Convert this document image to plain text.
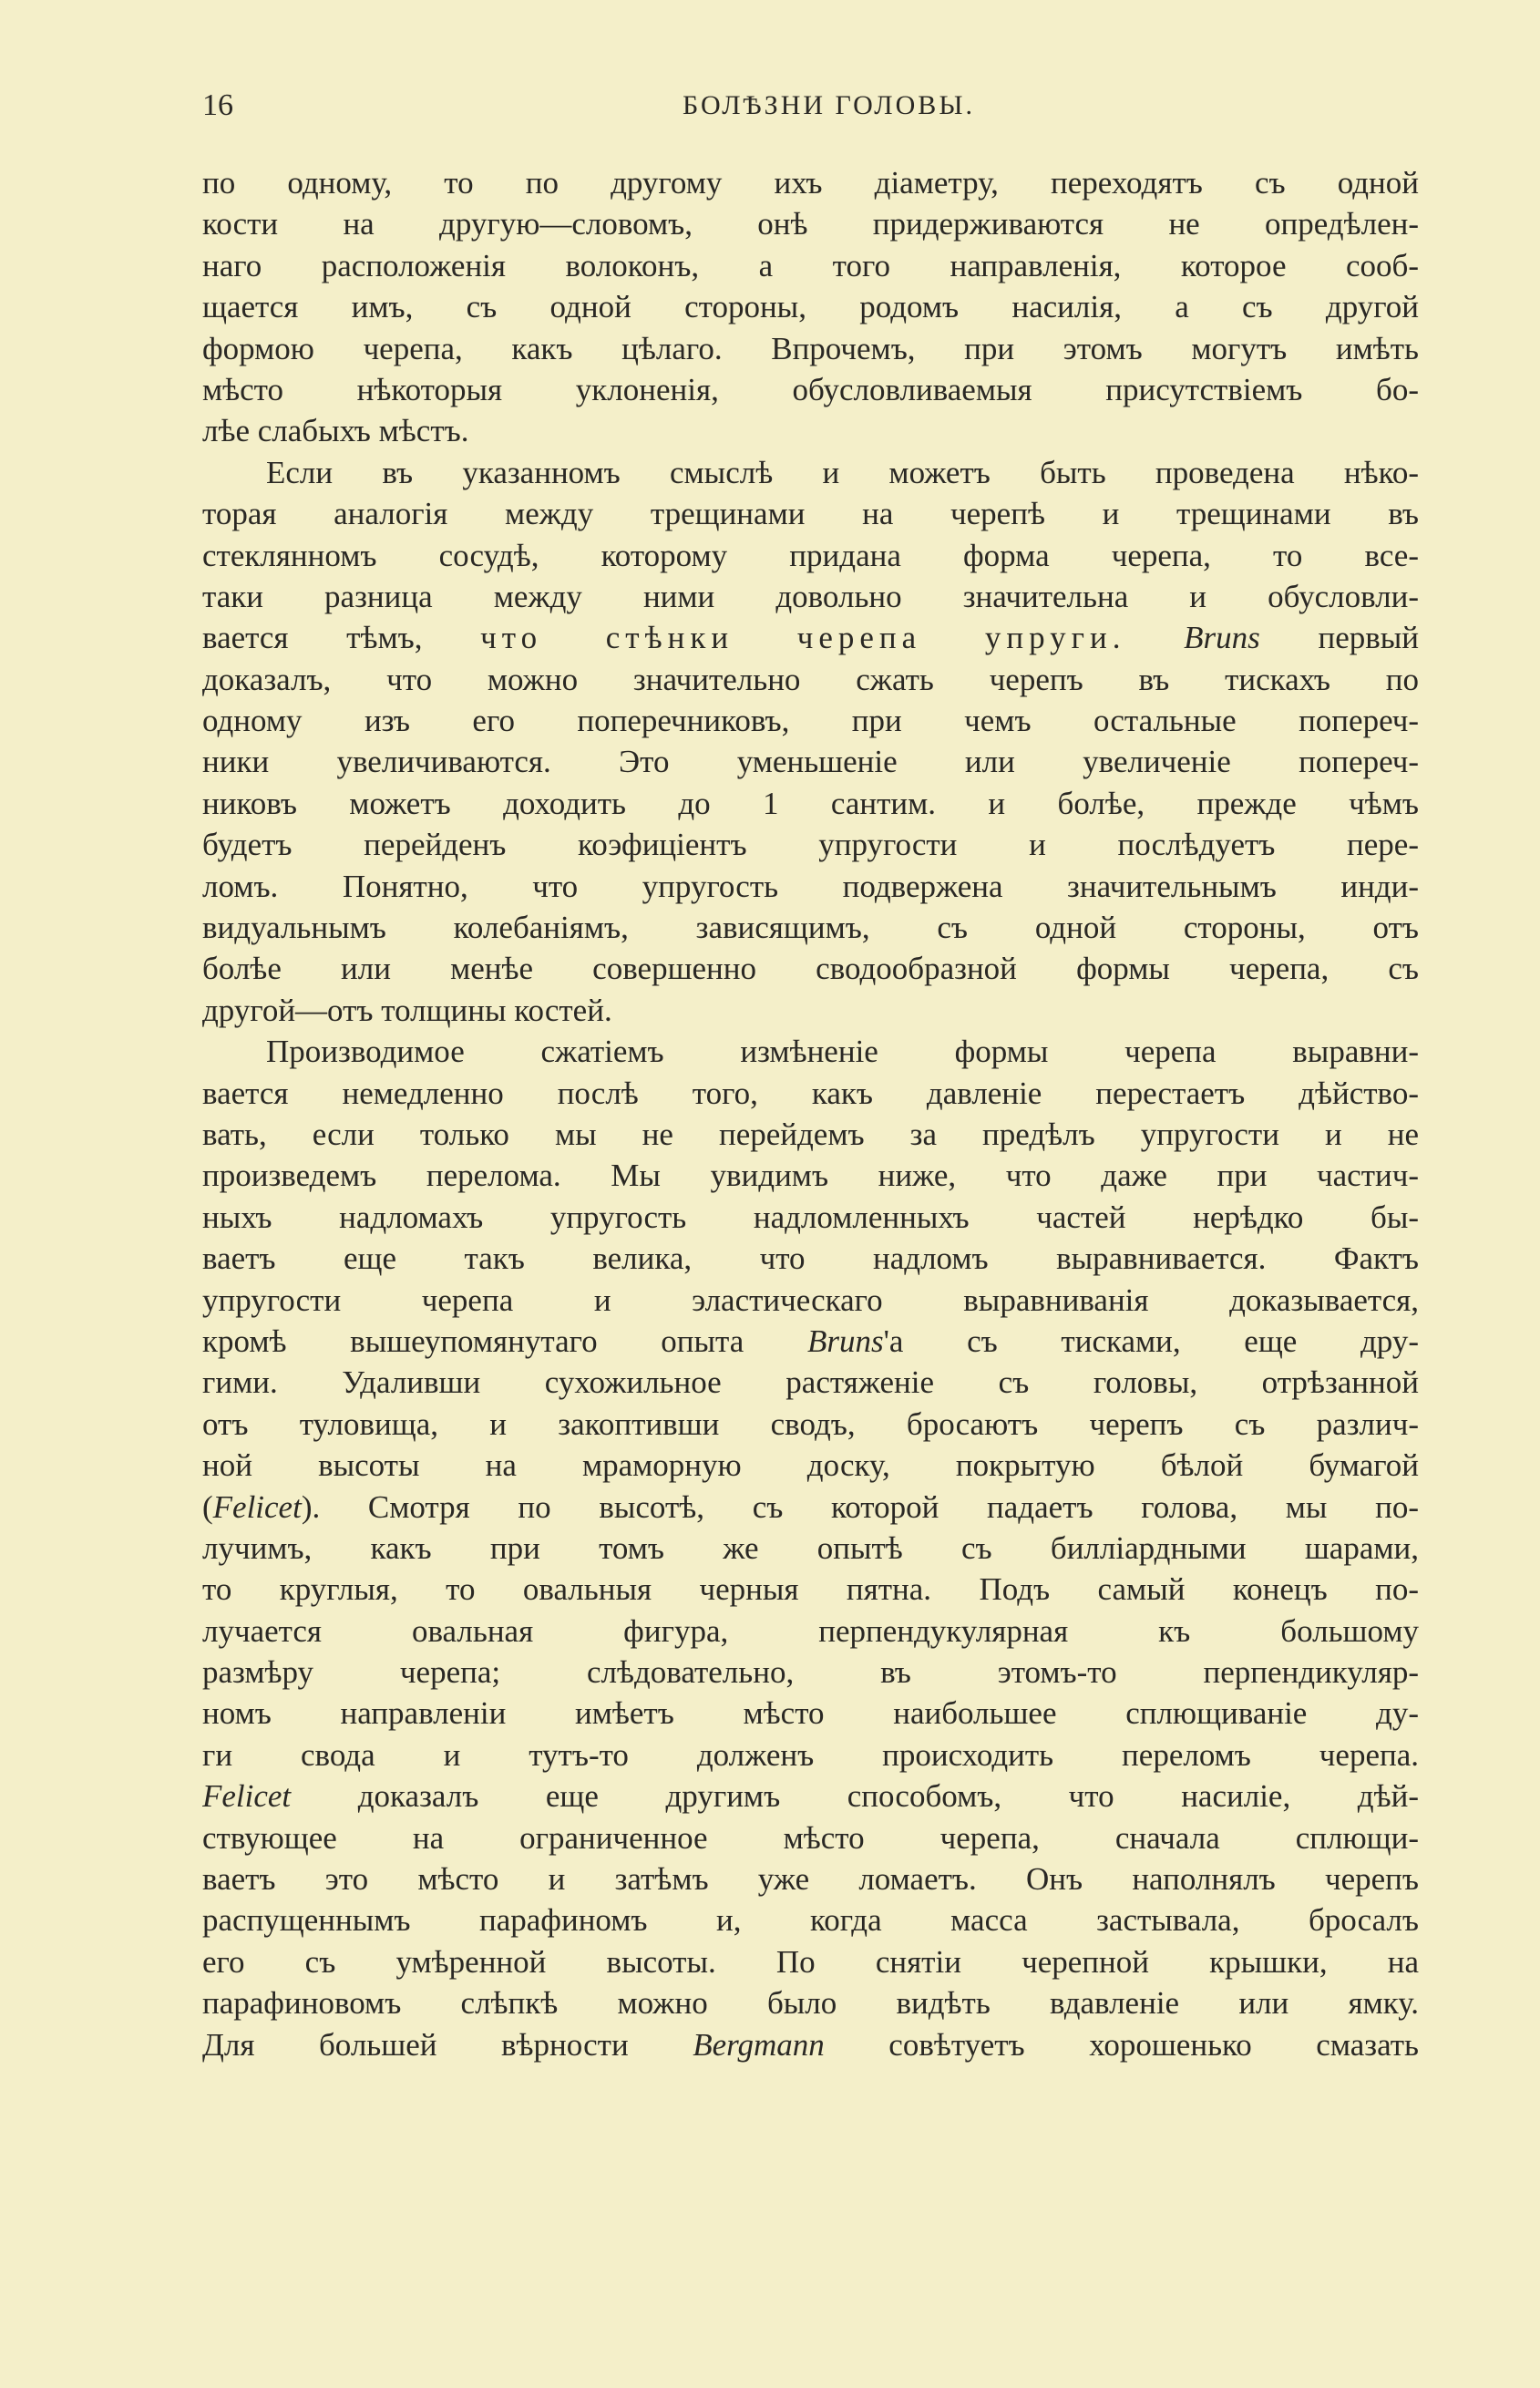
16	БОЛѢЗНИ ГОЛОВЫ.
по одному, то по другому ихъ діаметру, переходятъ съ одной
кости на другую—словомъ, онѣ придерживаются не опредѣлен-
наго расположенія волоконъ, а того направленія, которое сооб-
щается имъ, съ одной стороны, родомъ насилія, а съ другой
формою черепа, какъ цѣлаго. Впрочемъ, при этомъ могутъ имѣть
мѣсто нѣкоторыя уклоненія, обусловливаемыя присутствіемъ бо-
лѣе слабыхъ мѣстъ.
Если въ указанномъ смыслѣ и можетъ быть проведена нѣко-
торая аналогія между трещинами на черепѣ и трещинами въ
стеклянномъ сосудѣ, которому придана форма черепа, то все-
таки разница между ними довольно значительна и обусловли-
вается тѣмъ, что стѣнки черепа упруги. Bruns первый
доказалъ, что можно значительно сжать черепъ въ тискахъ по
одному изъ его поперечниковъ, при чемъ остальные попереч-
ники увеличиваются. Это уменьшеніе или увеличеніе попереч-
никовъ можетъ доходить до 1 сантим. и болѣе, прежде чѣмъ
будетъ перейденъ коэфиціентъ упругости и послѣдуетъ пере-
ломъ. Понятно, что упругость подвержена значительнымъ инди-
видуальнымъ колебаніямъ, зависящимъ, съ одной стороны, отъ
болѣе или менѣе совершенно сводообразной формы черепа, съ
другой—отъ толщины костей.
Производимое сжатіемъ измѣненіе формы черепа выравни-
вается немедленно послѣ того, какъ давленіе перестаетъ дѣйство-
вать, если только мы не перейдемъ за предѣлъ упругости и не
произведемъ перелома. Мы увидимъ ниже, что даже при частич-
ныхъ надломахъ упругость надломленныхъ частей нерѣдко бы-
ваетъ еще такъ велика, что надломъ выравнивается. Фактъ
упругости черепа и эластическаго выравниванія доказывается,
кромѣ вышеупомянутаго опыта Bruns'а съ тисками, еще дру-
гими. Удаливши сухожильное растяженіе съ головы, отрѣзанной
отъ туловища, и закоптивши сводъ, бросаютъ черепъ съ различ-
ной высоты на мраморную доску, покрытую бѣлой бумагой
(Felicet). Смотря по высотѣ, съ которой падаетъ голова, мы по-
лучимъ, какъ при томъ же опытѣ съ билліардными шарами,
то круглыя, то овальныя черныя пятна. Подъ самый конецъ по-
лучается овальная фигура, перпендукулярная къ большому
размѣру черепа; слѣдовательно, въ этомъ-то перпендикуляр-
номъ направленіи имѣетъ мѣсто наибольшее сплющиваніе ду-
ги свода и тутъ-то долженъ происходить переломъ черепа.
Felicet доказалъ еще другимъ способомъ, что насиліе, дѣй-
ствующее на ограниченное мѣсто черепа, сначала сплющи-
ваетъ это мѣсто и затѣмъ уже ломаетъ. Онъ наполнялъ черепъ
распущеннымъ парафиномъ и, когда масса застывала, бросалъ
его съ умѣренной высоты. По снятіи черепной крышки, на
парафиновомъ слѣпкѣ можно было видѣть вдавленіе или ямку.
Для большей вѣрности Bergmann совѣтуетъ хорошенько смазать
